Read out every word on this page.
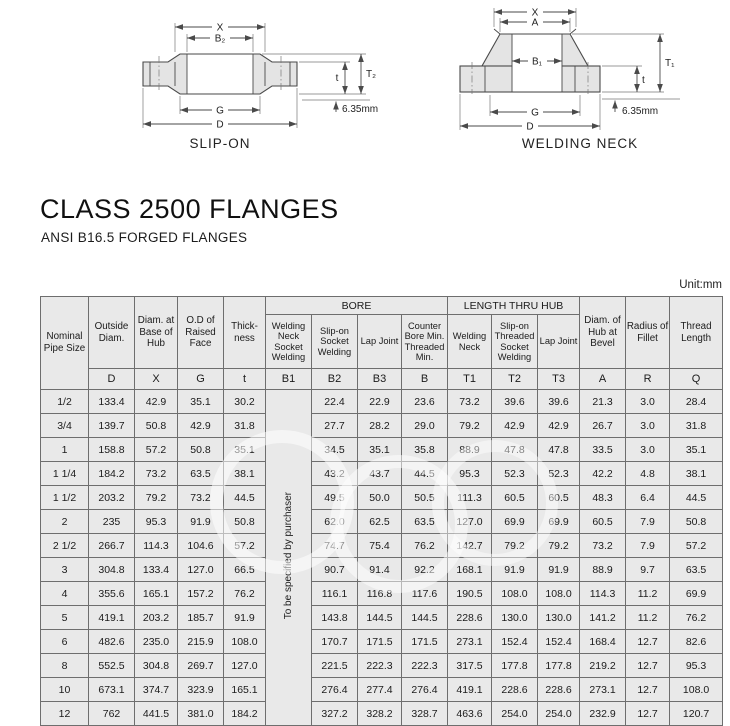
X
B₂
G
D
t	T₂
6.35mm
SLIP-ON
X
A
B₁
G
D
t
T₁
6.35mm
WELDING NECK
CLASS 2500 FLANGES
ANSI B16.5 FORGED FLANGES
Unit:mm
Nominal Pipe Size	Outside Diam.	Diam. at Base of Hub	O.D of Raised Face	Thick-ness	BORE				LENGTH THRU HUB			Diam. of Hub at Bevel	Radius of Fillet	Thread Length
					Welding Neck Socket Welding	Slip-on Socket Welding	Lap Joint	Counter Bore Min. Threaded Min.	Welding Neck	Slip-on Threaded Socket Welding	Lap Joint			
	D	X	G	t	B1	B2	B3	B	T1	T2	T3	A	R	Q
1/2	133.4	42.9	35.1	30.2	To be specified by purchaser	22.4	22.9	23.6	73.2	39.6	39.6	21.3	3.0	28.4
3/4	139.7	50.8	42.9	31.8		27.7	28.2	29.0	79.2	42.9	42.9	26.7	3.0	31.8
1	158.8	57.2	50.8	35.1		34.5	35.1	35.8	88.9	47.8	47.8	33.5	3.0	35.1
1 1/4	184.2	73.2	63.5	38.1		43.2	43.7	44.5	95.3	52.3	52.3	42.2	4.8	38.1
1 1/2	203.2	79.2	73.2	44.5		49.5	50.0	50.5	111.3	60.5	60.5	48.3	6.4	44.5
2	235	95.3	91.9	50.8		62.0	62.5	63.5	127.0	69.9	69.9	60.5	7.9	50.8
2 1/2	266.7	114.3	104.6	57.2		74.7	75.4	76.2	142.7	79.2	79.2	73.2	7.9	57.2
3	304.8	133.4	127.0	66.5		90.7	91.4	92.2	168.1	91.9	91.9	88.9	9.7	63.5
4	355.6	165.1	157.2	76.2		116.1	116.8	117.6	190.5	108.0	108.0	114.3	11.2	69.9
5	419.1	203.2	185.7	91.9		143.8	144.5	144.5	228.6	130.0	130.0	141.2	11.2	76.2
6	482.6	235.0	215.9	108.0		170.7	171.5	171.5	273.1	152.4	152.4	168.4	12.7	82.6
8	552.5	304.8	269.7	127.0		221.5	222.3	222.3	317.5	177.8	177.8	219.2	12.7	95.3
10	673.1	374.7	323.9	165.1		276.4	277.4	276.4	419.1	228.6	228.6	273.1	12.7	108.0
12	762	441.5	381.0	184.2		327.2	328.2	328.7	463.6	254.0	254.0	232.9	12.7	120.7
